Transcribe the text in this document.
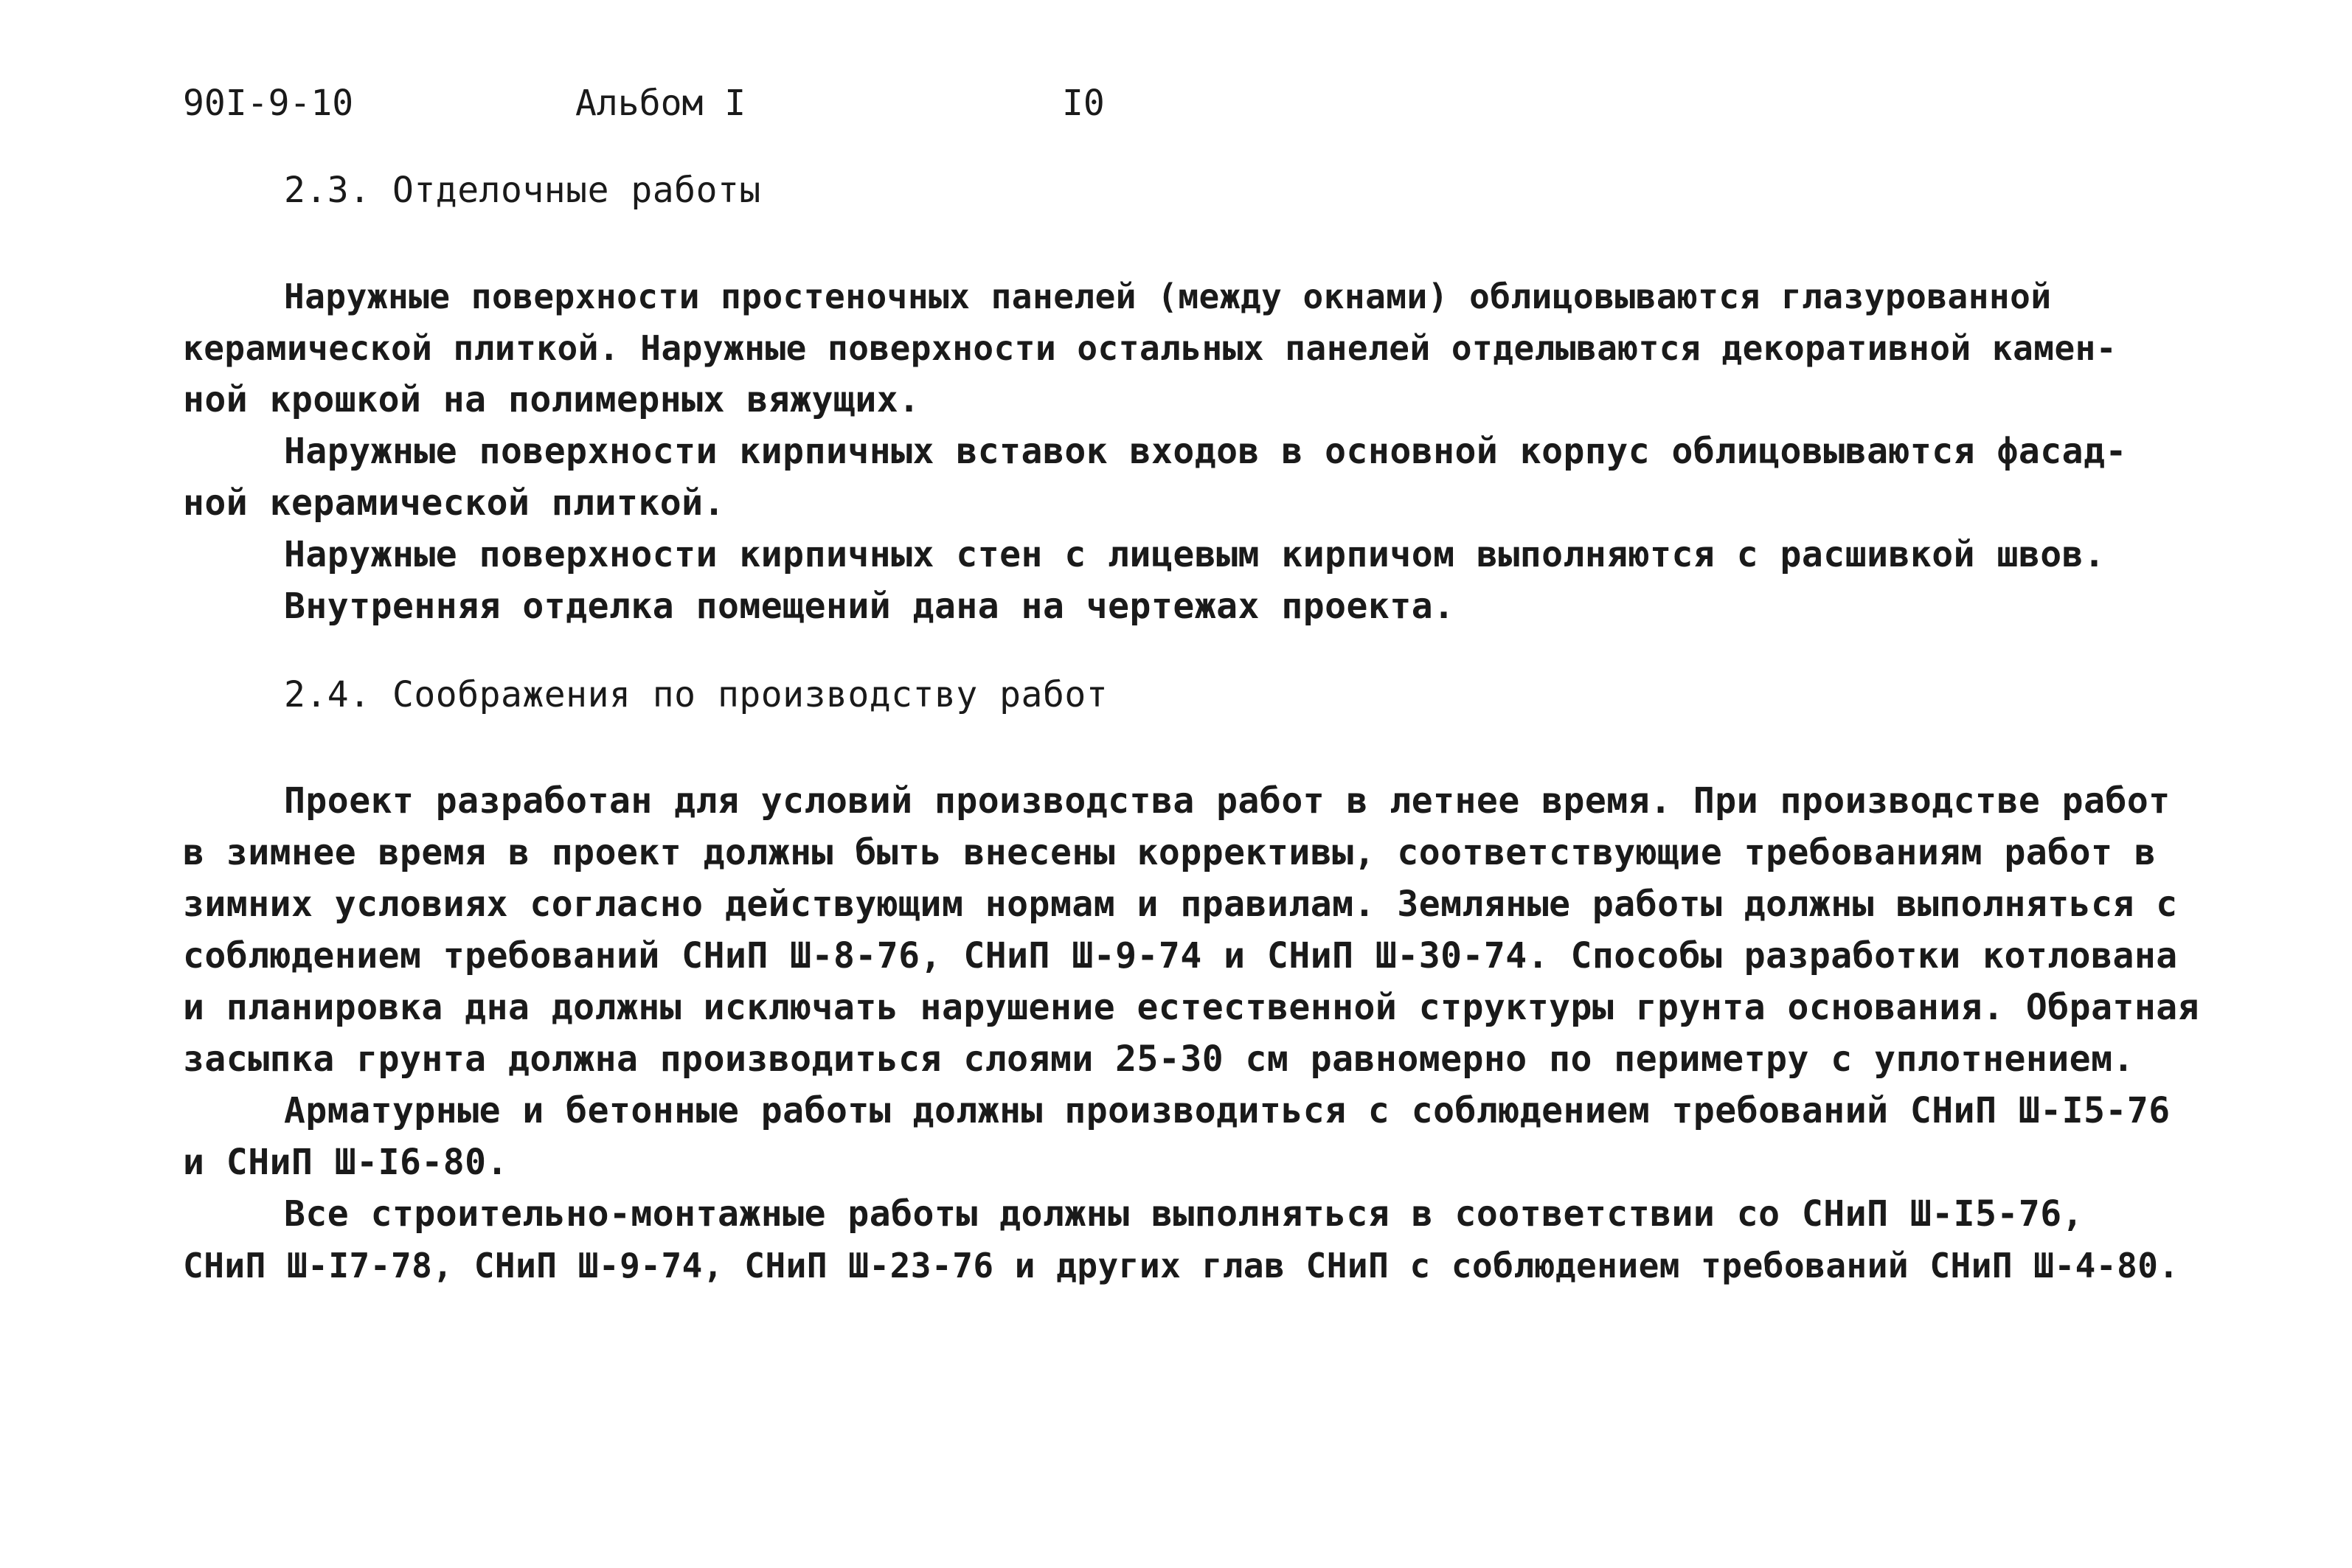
90I-9-10	Альбом I	I0
2.3. Отделочные работы
Наружные поверхности простеночных панелей (между окнами) облицовываются глазурованной
керамической плиткой. Наружные поверхности остальных панелей отделываются декоративной камен-
ной крошкой на полимерных вяжущих.
Наружные поверхности кирпичных вставок входов в основной корпус облицовываются фасад-
ной керамической плиткой.
Наружные поверхности кирпичных стен с лицевым кирпичом выполняются с расшивкой швов.
Внутренняя отделка помещений дана на чертежах проекта.
2.4. Соображения по производству работ
Проект разработан для условий производства работ в летнее время. При производстве работ
в зимнее время в проект должны быть внесены коррективы, соответствующие требованиям работ в
зимних условиях согласно действующим нормам и правилам. Земляные работы должны выполняться с
соблюдением требований СНиП Ш-8-76, СНиП Ш-9-74 и СНиП Ш-30-74. Способы разработки котлована
и планировка дна должны исключать нарушение естественной структуры грунта основания. Обратная
засыпка грунта должна производиться слоями 25-30 см равномерно по периметру с уплотнением.
Арматурные и бетонные работы должны производиться с соблюдением требований СНиП Ш-I5-76
и СНиП Ш-I6-80.
Все строительно-монтажные работы должны выполняться в соответствии со СНиП Ш-I5-76,
СНиП Ш-I7-78, СНиП Ш-9-74, СНиП Ш-23-76 и других глав СНиП с соблюдением требований СНиП Ш-4-80.
